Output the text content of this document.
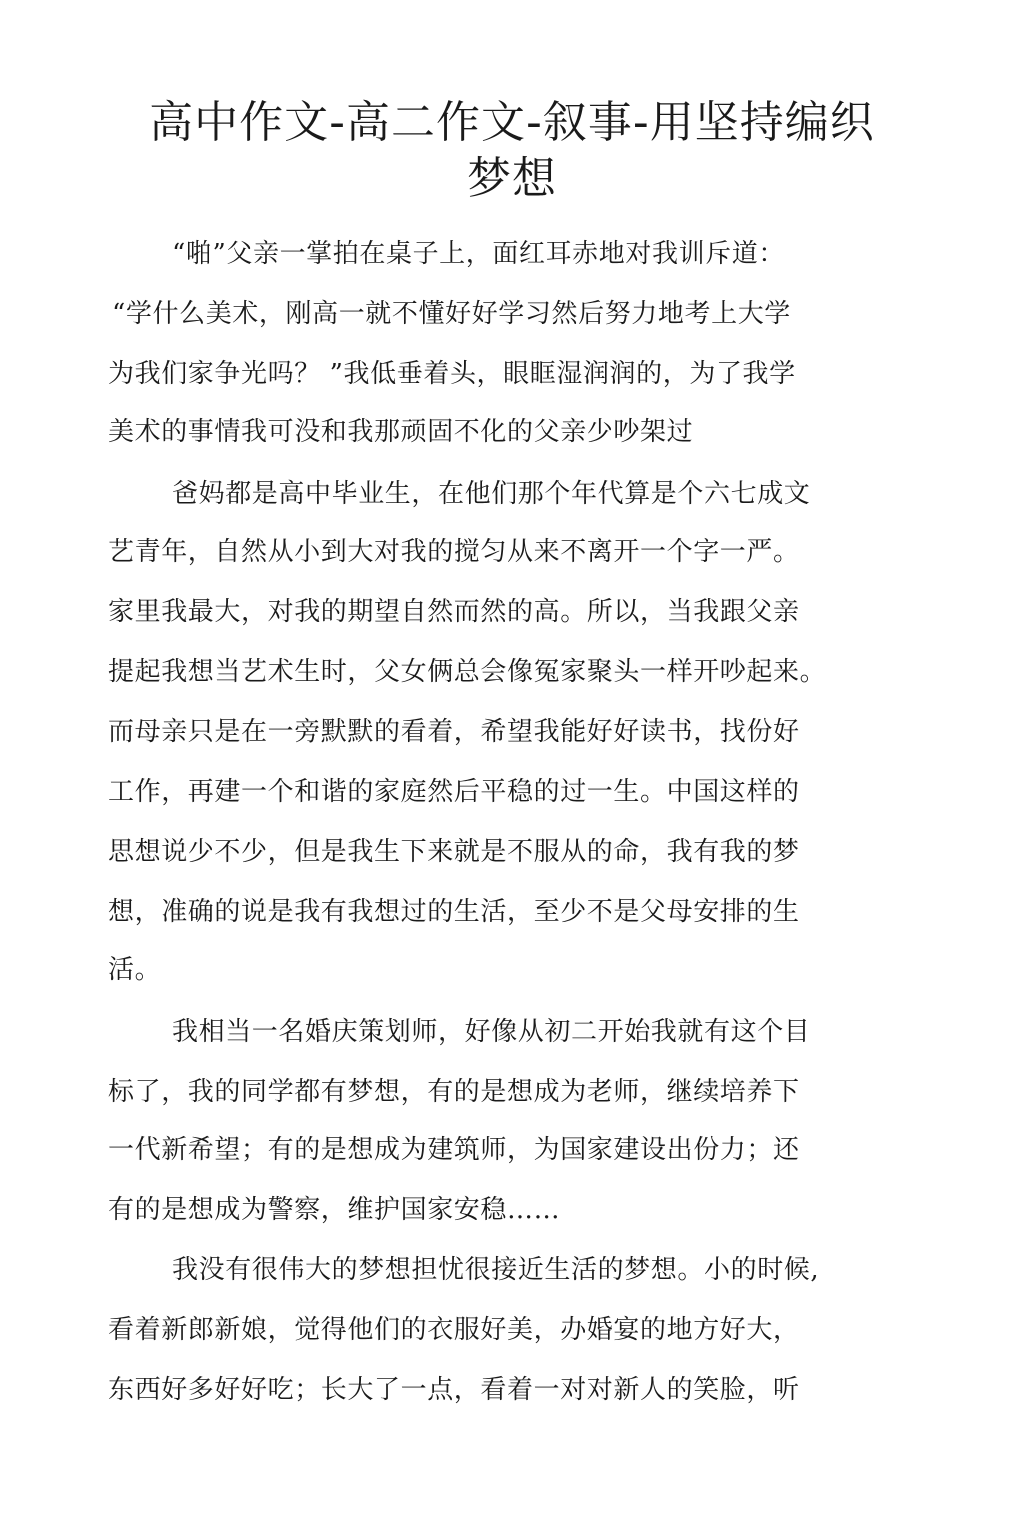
高中作文-高二作文-叙事-用坚持编织
梦想
“啪”父亲一掌拍在桌子上，面红耳赤地对我训斥道：
“学什么美术，刚高一就不懂好好学习然后努力地考上大学
为我们家争光吗？ ”我低垂着头，眼眶湿润润的，为了我学
美术的事情我可没和我那顽固不化的父亲少吵架过
爸妈都是高中毕业生，在他们那个年代算是个六七成文
艺青年，自然从小到大对我的搅匀从来不离开一个字一严。
家里我最大，对我的期望自然而然的高。所以，当我跟父亲
提起我想当艺术生时，父女俩总会像冤家聚头一样开吵起来。
而母亲只是在一旁默默的看着，希望我能好好读书，找份好
工作，再建一个和谐的家庭然后平稳的过一生。中国这样的
思想说少不少，但是我生下来就是不服从的命，我有我的梦
想，准确的说是我有我想过的生活，至少不是父母安排的生
活。
我相当一名婚庆策划师，好像从初二开始我就有这个目
标了，我的同学都有梦想，有的是想成为老师，继续培养下
一代新希望；有的是想成为建筑师，为国家建设出份力；还
有的是想成为警察，维护国家安稳……
我没有很伟大的梦想担忧很接近生活的梦想。小的时候,
看着新郎新娘，觉得他们的衣服好美，办婚宴的地方好大，
东西好多好好吃；长大了一点，看着一对对新人的笑脸，听
